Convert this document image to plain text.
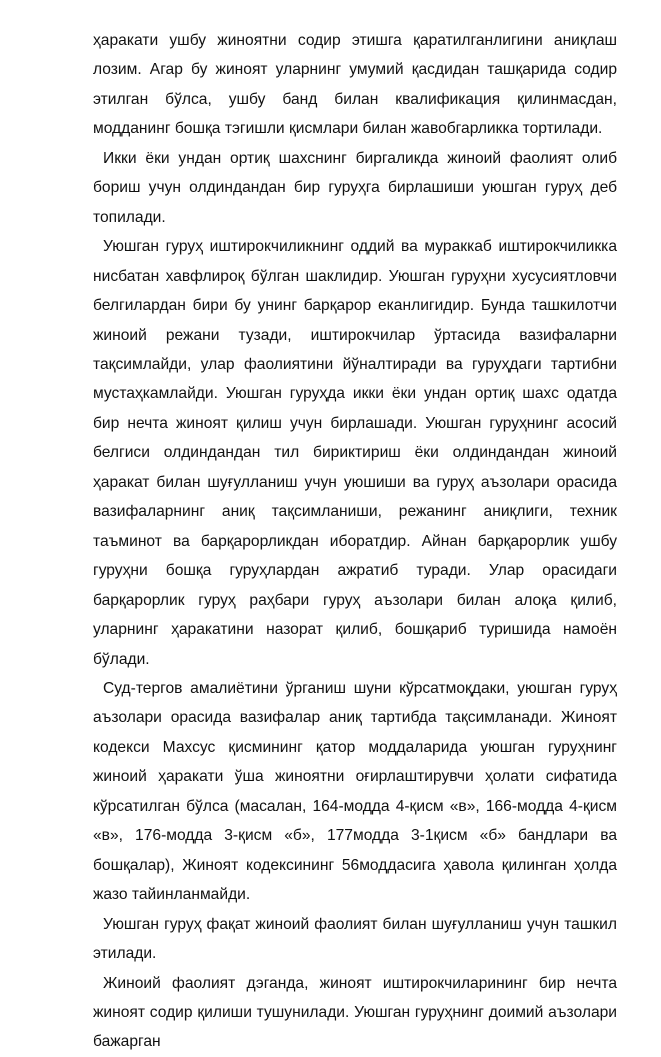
ҳаракати ушбу жиноятни содир этишга қаратилганлигини аниқлаш лозим. Агар бу жиноят уларнинг умумий қасдидан ташқарида содир этилган бўлса, ушбу банд билан квалификация қилинмасдан, модданинг бошқа тэгишли қисмлари билан жавобгарликка тортилади.

Икки ёки ундан ортиқ шахснинг биргаликда жиноий фаолият олиб бориш учун олдиндандан бир гуруҳга бирлашиши уюшган гуруҳ деб топилади.

Уюшган гуруҳ иштирокчиликнинг оддий ва мураккаб иштирокчиликка нисбатан хавфлироқ бўлган шаклидир. Уюшган гуруҳни хусусиятловчи белгилардан бири бу унинг барқарор еканлигидир. Бунда ташкилотчи жиноий режани тузади, иштирокчилар ўртасида вазифаларни тақсимлайди, улар фаолиятини йўналтиради ва гуруҳдаги тартибни мустаҳкамлайди. Уюшган гуруҳда икки ёки ундан ортиқ шахс одатда бир нечта жиноят қилиш учун бирлашади. Уюшган гуруҳнинг асосий белгиси олдиндандан тил бириктириш ёки олдиндандан жиноий ҳаракат билан шуғулланиш учун уюшиши ва гуруҳ аъзолари орасида вазифаларнинг аниқ тақсимланиши, режанинг аниқлиги, техник таъминот ва барқарорликдан иборатдир. Айнан барқарорлик ушбу гуруҳни бошқа гуруҳлардан ажратиб туради. Улар орасидаги барқарорлик гуруҳ раҳбари гуруҳ аъзолари билан алоқа қилиб, уларнинг ҳаракатини назорат қилиб, бошқариб туришида намоён бўлади.

Суд-тергов амалиётини ўрганиш шуни кўрсатмоқдаки, уюшган гуруҳ аъзолари орасида вазифалар аниқ тартибда тақсимланади. Жиноят кодекси Махсус қисмининг қатор моддаларида уюшган гуруҳнинг жиноий ҳаракати ўша жиноятни оғирлаштирувчи ҳолати сифатида кўрсатилган бўлса (масалан, 164-модда 4-қисм «в», 166-модда 4-қисм «в», 176-модда 3-қисм «б», 177модда 3-1қисм «б» бандлари ва бошқалар), Жиноят кодексининг 56моддасига ҳавола қилинган ҳолда жазо тайинланмайди.

Уюшган гуруҳ фақат жиноий фаолият билан шуғулланиш учун ташкил этилади.

Жиноий фаолият дэганда, жиноят иштирокчиларининг бир нечта жиноят содир қилиши тушунилади. Уюшган гуруҳнинг доимий аъзолари бажарган
